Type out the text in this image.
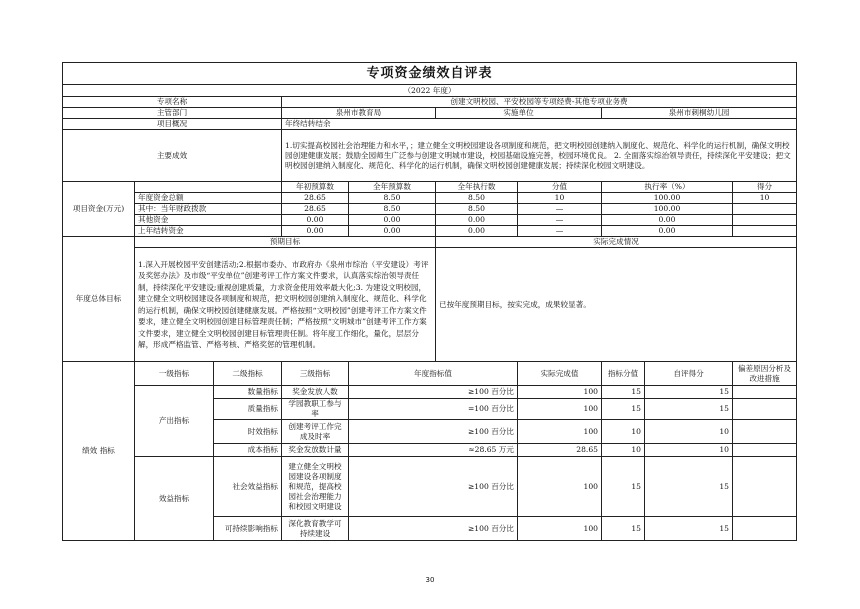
专项资金绩效自评表									
（2022 年度）									
专项名称			创建文明校园、平安校园等专项经费-其他专项业务费						
主管部门			泉州市教育局		实施单位		泉州市刺桐幼儿园		
项目概况			年终结转结余						
主要成效			1.切实提高校园社会治理能力和水平，；建立健全文明校园建设各项制度和规范，把文明校园创建纳入制度化、规范化、科学化的运行机制，确保文明校园创建健康发展；鼓励全园师生广泛参与创建文明城市建设，校园基础设施完善，校园环境优良。 2. 全面落实综治领导责任，持续深化平安建设；把文明校园创建纳入制度化、规范化、科学化的运行机制，确保文明校园创建健康发展；持续深化校园文明建设。						
项目资金(万元)			年初预算数	全年预算数	全年执行数	分值	执行率（%）		得分
	年度资金总额		28.65	8.50	8.50	10	100.00		10
	其中：当年财政拨款		28.65	8.50	8.50	—	100.00		
	其他资金		0.00	0.00	0.00	—	0.00		
	上年结转资金		0.00	0.00	0.00	—	0.00		
年度总体目标	预期目标				实际完成情况				
	1.深入开展校园平安创建活动;2.根据市委办、市政府办《泉州市综治（平安建设）考评及奖惩办法》及市级“平安单位”创建考评工作方案文件要求，认真落实综治领导责任制，持续深化平安建设;重视创建质量，力求资金使用效率最大化;3. 为建设文明校园，建立健全文明校园建设各项制度和规范，把文明校园创建纳入制度化、规范化、科学化的运行机制，确保文明校园创建健康发展。严格按照“文明校园”创建考评工作方案文件要求，建立健全文明校园创建目标管理责任制；严格按照“文明城市”创建考评工作方案文件要求，建立健全文明校园创建目标管理责任制。将年度工作细化，量化，层层分解，形成严格监管、严格考核、严格奖惩的管理机制。				已按年度预期目标，按实完成，成果较显著。				
绩效 指标	一级指标	二级指标	三级指标	年度指标值		实际完成值	指标分值	自评得分	偏差原因分析及改进措施
	产出指标	数量指标	奖金发放人数	≥100 百分比		100	15	15	
		质量指标	学园教职工参与率	=100 百分比		100	15	15	
		时效指标	创建考评工作完成及时率	≥100 百分比		100	10	10	
		成本指标	奖金发放数计量	≈28.65 万元		28.65	10	10	
	效益指标	社会效益指标	建立健全文明校园建设各项制度和规范，提高校园社会治理能力和校园文明建设	≥100 百分比		100	15	15	
		可持续影响指标	深化教育教学可持续建设	≥100 百分比		100	15	15	
30
